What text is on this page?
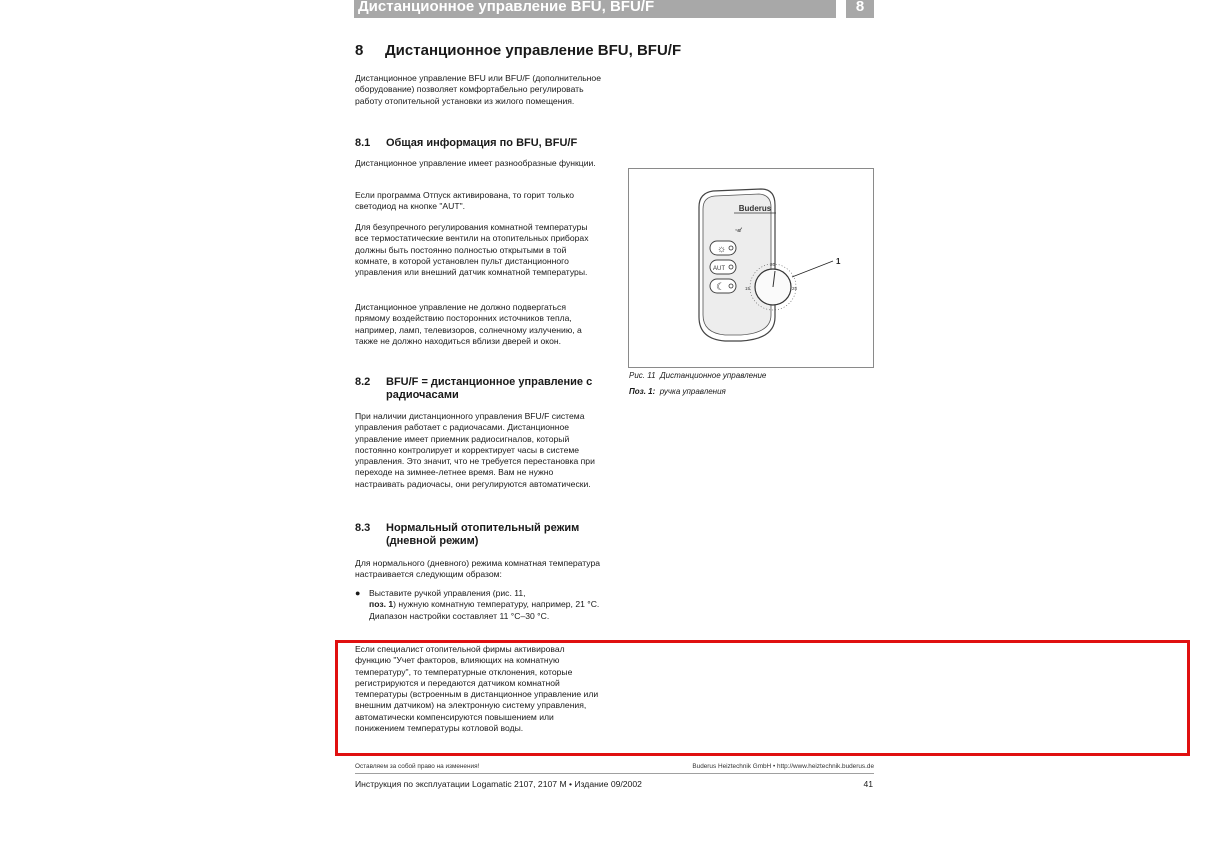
Дистанционное управление BFU, BFU/F	8
8 Дистанционное управление BFU, BFU/F

Дистанционное управление BFU или BFU/F (дополнительное оборудование) позволяет комфортабельно регулировать работу отопительной установки из жилого помещения.

8.1 Общая информация по BFU, BFU/F

Дистанционное управление имеет разнообразные функции.

Если программа Отпуск активирована, то горит только светодиод на кнопке "AUT".

Для безупречного регулирования комнатной температуры все термостатические вентили на отопительных приборах должны быть постоянно полностью открытыми в той комнате, в которой установлен пульт дистанционного управления или внешний датчик комнатной температуры.

Дистанционное управление не должно подвергаться прямому воздействию посторонних источников тепла, например, ламп, телевизоров, солнечному излучению, а также не должно находиться вблизи дверей и окон.

8.2 BFU/F = дистанционное управление с радиочасами

При наличии дистанционного управления BFU/F система управления работает с радиочасами. Дистанционное управление имеет приемник радиосигналов, который постоянно контролирует и корректирует часы в системе управления. Это значит, что не требуется перестановка при переходе на зимнее-летнее время. Вам не нужно настраивать радиочасы, они регулируются автоматически.

8.3 Нормальный отопительный режим (дневной режим)

Для нормального (дневного) режима комнатная температура настраивается следующим образом:

● Выставите ручкой управления (рис. 11,
поз. 1) нужную комнатную температуру, например, 21 °C.
Диапазон настройки составляет 11 °C–30 °C.

Если специалист отопительной фирмы активировал функцию "Учет факторов, влияющих на комнатную температуру", то температурные отклонения, которые регистрируются и передаются датчиком комнатной температуры (встроенным в дистанционное управление или внешним датчиком) на электронную систему управления, автоматически компенсируются повышением или понижением температуры котловой воды.

Buderus
◦𝒹
☼
AUT
☾
20
15	25
1

Рис. 11 Дистанционное управление

Поз. 1: ручка управления

Оставляем за собой право на изменения!	Buderus Heiztechnik GmbH • http://www.heiztechnik.buderus.de
Инструкция по эксплуатации Logamatic 2107, 2107 M • Издание 09/2002	41
